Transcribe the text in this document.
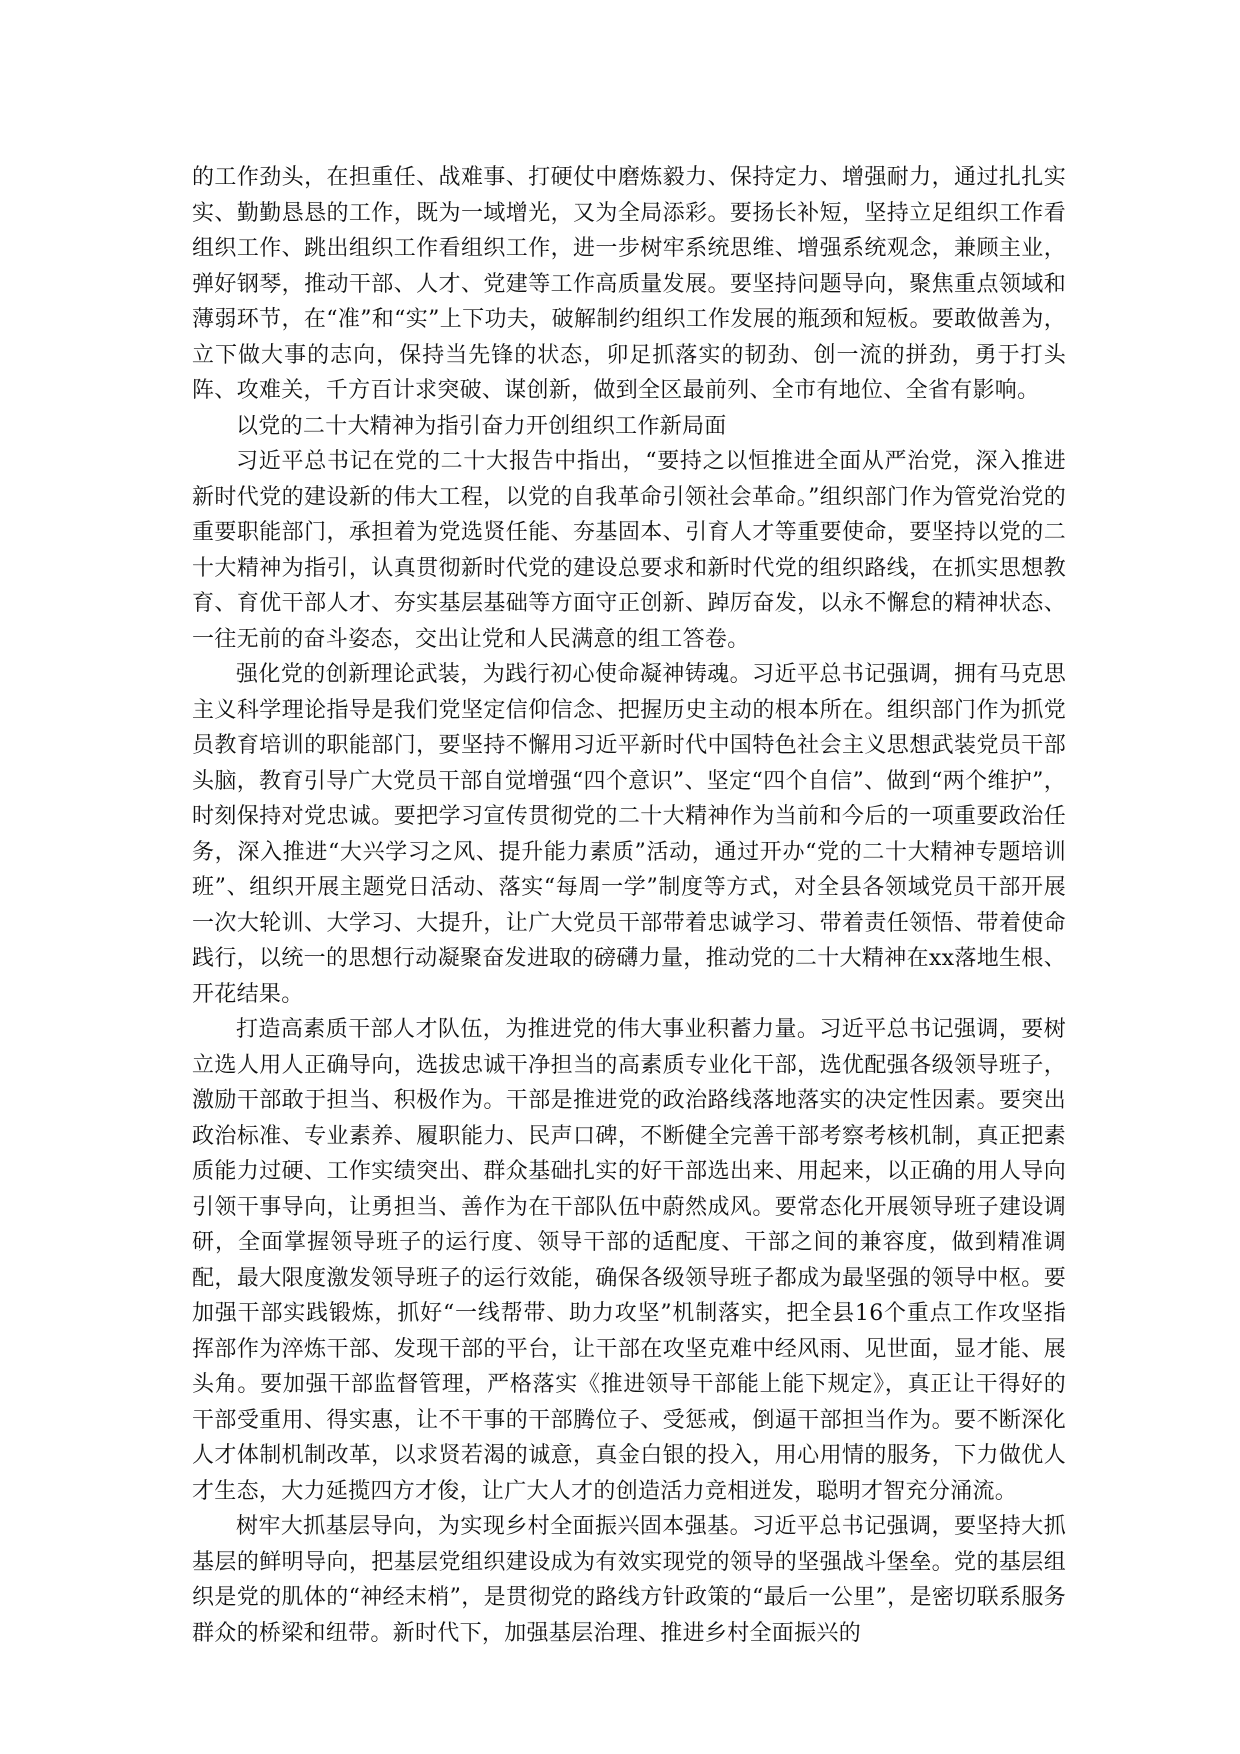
的工作劲头，在担重任、战难事、打硬仗中磨炼毅力、保持定力、增强耐力，通过扎扎实实、勤勤恳恳的工作，既为一域增光，又为全局添彩。要扬长补短，坚持立足组织工作看组织工作、跳出组织工作看组织工作，进一步树牢系统思维、增强系统观念，兼顾主业，弹好钢琴，推动干部、人才、党建等工作高质量发展。要坚持问题导向，聚焦重点领域和薄弱环节，在“准”和“实”上下功夫，破解制约组织工作发展的瓶颈和短板。要敢做善为，立下做大事的志向，保持当先锋的状态，卯足抓落实的韧劲、创一流的拼劲，勇于打头阵、攻难关，千方百计求突破、谋创新，做到全区最前列、全市有地位、全省有影响。

以党的二十大精神为指引奋力开创组织工作新局面

习近平总书记在党的二十大报告中指出，“要持之以恒推进全面从严治党，深入推进新时代党的建设新的伟大工程，以党的自我革命引领社会革命。”组织部门作为管党治党的重要职能部门，承担着为党选贤任能、夯基固本、引育人才等重要使命，要坚持以党的二十大精神为指引，认真贯彻新时代党的建设总要求和新时代党的组织路线，在抓实思想教育、育优干部人才、夯实基层基础等方面守正创新、踔厉奋发，以永不懈怠的精神状态、一往无前的奋斗姿态，交出让党和人民满意的组工答卷。

强化党的创新理论武装，为践行初心使命凝神铸魂。习近平总书记强调，拥有马克思主义科学理论指导是我们党坚定信仰信念、把握历史主动的根本所在。组织部门作为抓党员教育培训的职能部门，要坚持不懈用习近平新时代中国特色社会主义思想武装党员干部头脑，教育引导广大党员干部自觉增强“四个意识”、坚定“四个自信”、做到“两个维护”，时刻保持对党忠诚。要把学习宣传贯彻党的二十大精神作为当前和今后的一项重要政治任务，深入推进“大兴学习之风、提升能力素质”活动，通过开办“党的二十大精神专题培训班”、组织开展主题党日活动、落实“每周一学”制度等方式，对全县各领域党员干部开展一次大轮训、大学习、大提升，让广大党员干部带着忠诚学习、带着责任领悟、带着使命践行，以统一的思想行动凝聚奋发进取的磅礴力量，推动党的二十大精神在xx落地生根、开花结果。

打造高素质干部人才队伍，为推进党的伟大事业积蓄力量。习近平总书记强调，要树立选人用人正确导向，选拔忠诚干净担当的高素质专业化干部，选优配强各级领导班子，激励干部敢于担当、积极作为。干部是推进党的政治路线落地落实的决定性因素。要突出政治标准、专业素养、履职能力、民声口碑，不断健全完善干部考察考核机制，真正把素质能力过硬、工作实绩突出、群众基础扎实的好干部选出来、用起来，以正确的用人导向引领干事导向，让勇担当、善作为在干部队伍中蔚然成风。要常态化开展领导班子建设调研，全面掌握领导班子的运行度、领导干部的适配度、干部之间的兼容度，做到精准调配，最大限度激发领导班子的运行效能，确保各级领导班子都成为最坚强的领导中枢。要加强干部实践锻炼，抓好“一线帮带、助力攻坚”机制落实，把全县16个重点工作攻坚指挥部作为淬炼干部、发现干部的平台，让干部在攻坚克难中经风雨、见世面，显才能、展头角。要加强干部监督管理，严格落实《推进领导干部能上能下规定》，真正让干得好的干部受重用、得实惠，让不干事的干部腾位子、受惩戒，倒逼干部担当作为。要不断深化人才体制机制改革，以求贤若渴的诚意，真金白银的投入，用心用情的服务，下力做优人才生态，大力延揽四方才俊，让广大人才的创造活力竞相迸发，聪明才智充分涌流。

树牢大抓基层导向，为实现乡村全面振兴固本强基。习近平总书记强调，要坚持大抓基层的鲜明导向，把基层党组织建设成为有效实现党的领导的坚强战斗堡垒。党的基层组织是党的肌体的“神经末梢”，是贯彻党的路线方针政策的“最后一公里”，是密切联系服务群众的桥梁和纽带。新时代下，加强基层治理、推进乡村全面振兴的
